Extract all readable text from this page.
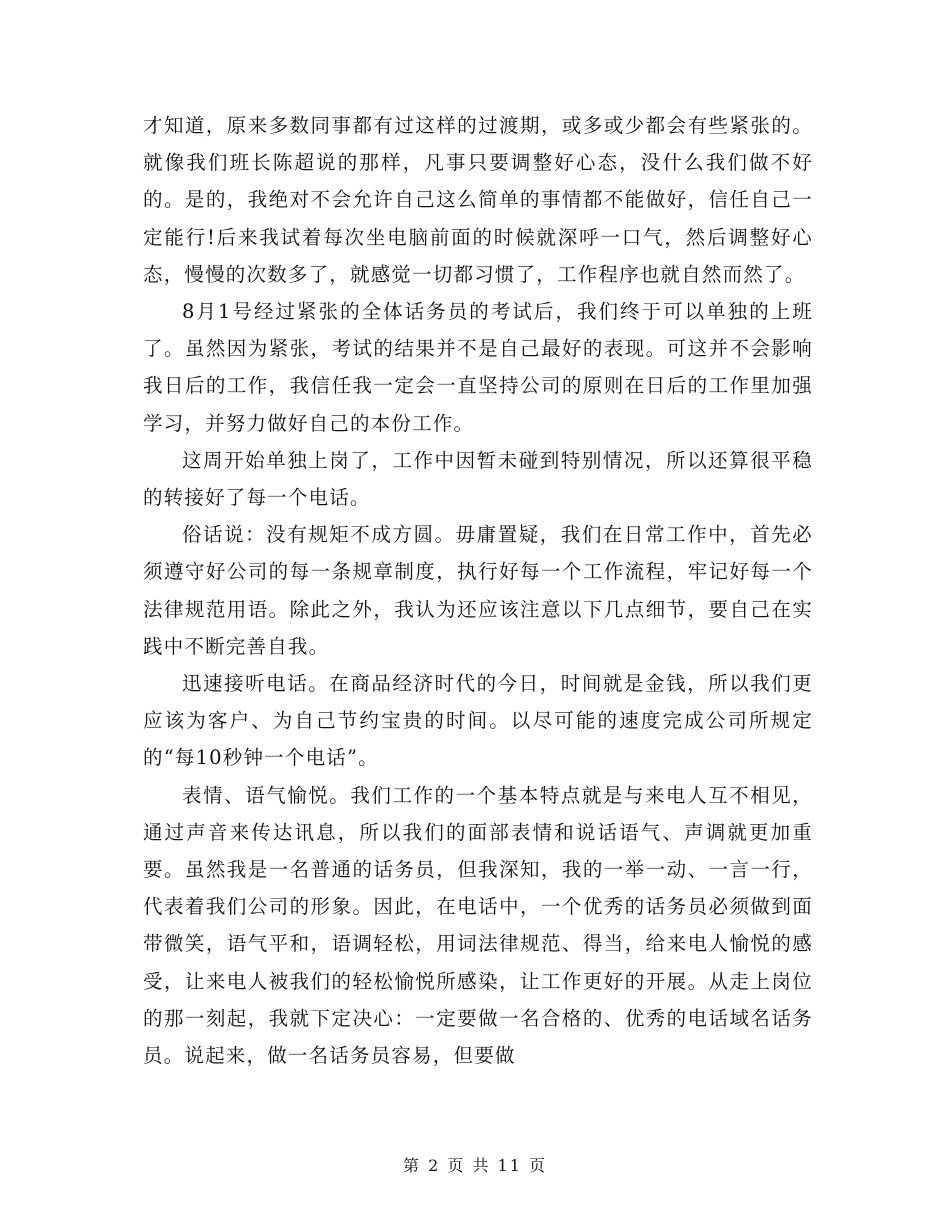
才知道，原来多数同事都有过这样的过渡期，或多或少都会有些紧张的。就像我们班长陈超说的那样，凡事只要调整好心态，没什么我们做不好的。是的，我绝对不会允许自己这么简单的事情都不能做好，信任自己一定能行!后来我试着每次坐电脑前面的时候就深呼一口气，然后调整好心态，慢慢的次数多了，就感觉一切都习惯了，工作程序也就自然而然了。

8月1号经过紧张的全体话务员的考试后，我们终于可以单独的上班了。虽然因为紧张，考试的结果并不是自己最好的表现。可这并不会影响我日后的工作，我信任我一定会一直坚持公司的原则在日后的工作里加强学习，并努力做好自己的本份工作。

这周开始单独上岗了，工作中因暂未碰到特别情况，所以还算很平稳的转接好了每一个电话。

俗话说：没有规矩不成方圆。毋庸置疑，我们在日常工作中，首先必须遵守好公司的每一条规章制度，执行好每一个工作流程，牢记好每一个法律规范用语。除此之外，我认为还应该注意以下几点细节，要自己在实践中不断完善自我。

迅速接听电话。在商品经济时代的今日，时间就是金钱，所以我们更应该为客户、为自己节约宝贵的时间。以尽可能的速度完成公司所规定的“每10秒钟一个电话”。

表情、语气愉悦。我们工作的一个基本特点就是与来电人互不相见，通过声音来传达讯息，所以我们的面部表情和说话语气、声调就更加重要。虽然我是一名普通的话务员，但我深知，我的一举一动、一言一行，代表着我们公司的形象。因此，在电话中，一个优秀的话务员必须做到面带微笑，语气平和，语调轻松，用词法律规范、得当，给来电人愉悦的感受，让来电人被我们的轻松愉悦所感染，让工作更好的开展。从走上岗位的那一刻起，我就下定决心：一定要做一名合格的、优秀的电话域名话务员。说起来，做一名话务员容易，但要做

第 2 页 共 11 页
